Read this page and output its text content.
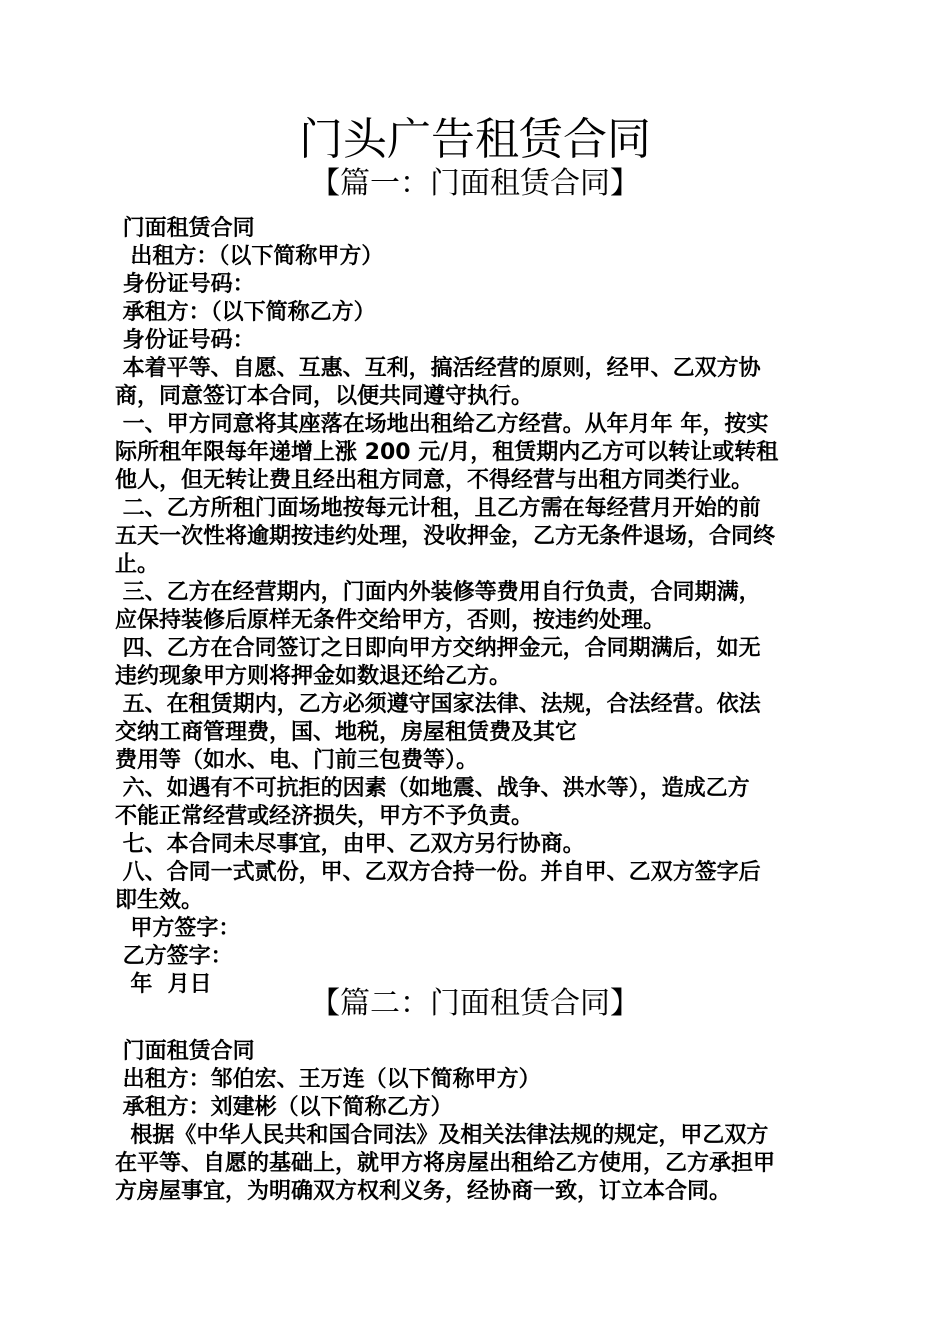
门头广告租赁合同
【篇一：门面租赁合同】

门面租赁合同

出租方：（以下简称甲方）

身份证号码：

承租方：（以下简称乙方）

身份证号码：

本着平等、自愿、互惠、互利，搞活经营的原则，经甲、乙双方协

商，同意签订本合同，以便共同遵守执行。

一、甲方同意将其座落在场地出租给乙方经营。从年月年 年，按实

际所租年限每年递增上涨 200 元/月，租赁期内乙方可以转让或转租

他人，但无转让费且经出租方同意，不得经营与出租方同类行业。

二、乙方所租门面场地按每元计租，且乙方需在每经营月开始的前

五天一次性将逾期按违约处理，没收押金，乙方无条件退场，合同终

止。

三、乙方在经营期内，门面内外装修等费用自行负责，合同期满，

应保持装修后原样无条件交给甲方，否则，按违约处理。

四、乙方在合同签订之日即向甲方交纳押金元，合同期满后，如无

违约现象甲方则将押金如数退还给乙方。

五、在租赁期内，乙方必须遵守国家法律、法规，合法经营。依法

交纳工商管理费，国、地税，房屋租赁费及其它

费用等（如水、电、门前三包费等）。

六、如遇有不可抗拒的因素（如地震、战争、洪水等），造成乙方

不能正常经营或经济损失，甲方不予负责。

七、本合同未尽事宜，由甲、乙双方另行协商。

八、合同一式贰份，甲、乙双方合持一份。并自甲、乙双方签字后

即生效。

甲方签字：

乙方签字：

年  月日

【篇二：门面租赁合同】

门面租赁合同

出租方：邹伯宏、王万连（以下简称甲方）

承租方：刘建彬（以下简称乙方）

根据《中华人民共和国合同法》及相关法律法规的规定，甲乙双方

在平等、自愿的基础上，就甲方将房屋出租给乙方使用，乙方承担甲

方房屋事宜，为明确双方权利义务，经协商一致，订立本合同。
